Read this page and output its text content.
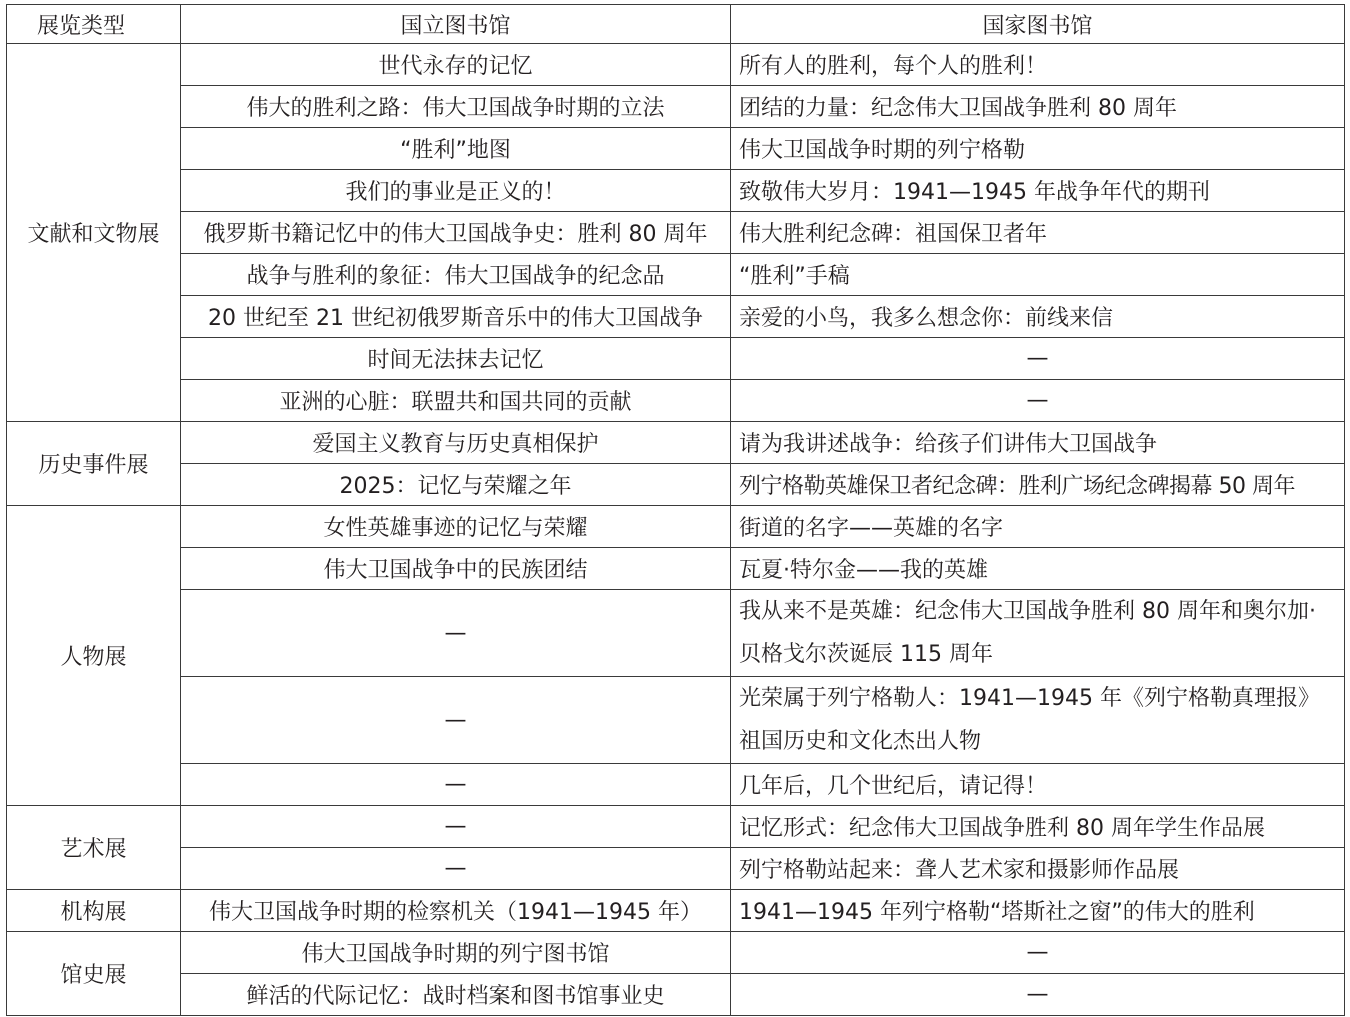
展览类型	国立图书馆	国家图书馆
文献和文物展	世代永存的记忆	所有人的胜利，每个人的胜利！
	伟大的胜利之路：伟大卫国战争时期的立法	团结的力量：纪念伟大卫国战争胜利 80 周年
	“胜利”地图	伟大卫国战争时期的列宁格勒
	我们的事业是正义的！	致敬伟大岁月：1941—1945 年战争年代的期刊
	俄罗斯书籍记忆中的伟大卫国战争史：胜利 80 周年	伟大胜利纪念碑：祖国保卫者年
	战争与胜利的象征：伟大卫国战争的纪念品	“胜利”手稿
	20 世纪至 21 世纪初俄罗斯音乐中的伟大卫国战争	亲爱的小鸟，我多么想念你：前线来信
	时间无法抹去记忆	—
	亚洲的心脏：联盟共和国共同的贡献	—
历史事件展	爱国主义教育与历史真相保护	请为我讲述战争：给孩子们讲伟大卫国战争
	2025：记忆与荣耀之年	列宁格勒英雄保卫者纪念碑：胜利广场纪念碑揭幕 50 周年
人物展	女性英雄事迹的记忆与荣耀	街道的名字——英雄的名字
	伟大卫国战争中的民族团结	瓦夏·特尔金——我的英雄
	—	我从来不是英雄：纪念伟大卫国战争胜利 80 周年和奥尔加·贝格戈尔茨诞辰 115 周年
	—	光荣属于列宁格勒人：1941—1945 年《列宁格勒真理报》祖国历史和文化杰出人物
	—	几年后，几个世纪后，请记得！
艺术展	—	记忆形式：纪念伟大卫国战争胜利 80 周年学生作品展
	—	列宁格勒站起来：聋人艺术家和摄影师作品展
机构展	伟大卫国战争时期的检察机关（1941—1945 年）	1941—1945 年列宁格勒“塔斯社之窗”的伟大的胜利
馆史展	伟大卫国战争时期的列宁图书馆	—
	鲜活的代际记忆：战时档案和图书馆事业史	—
